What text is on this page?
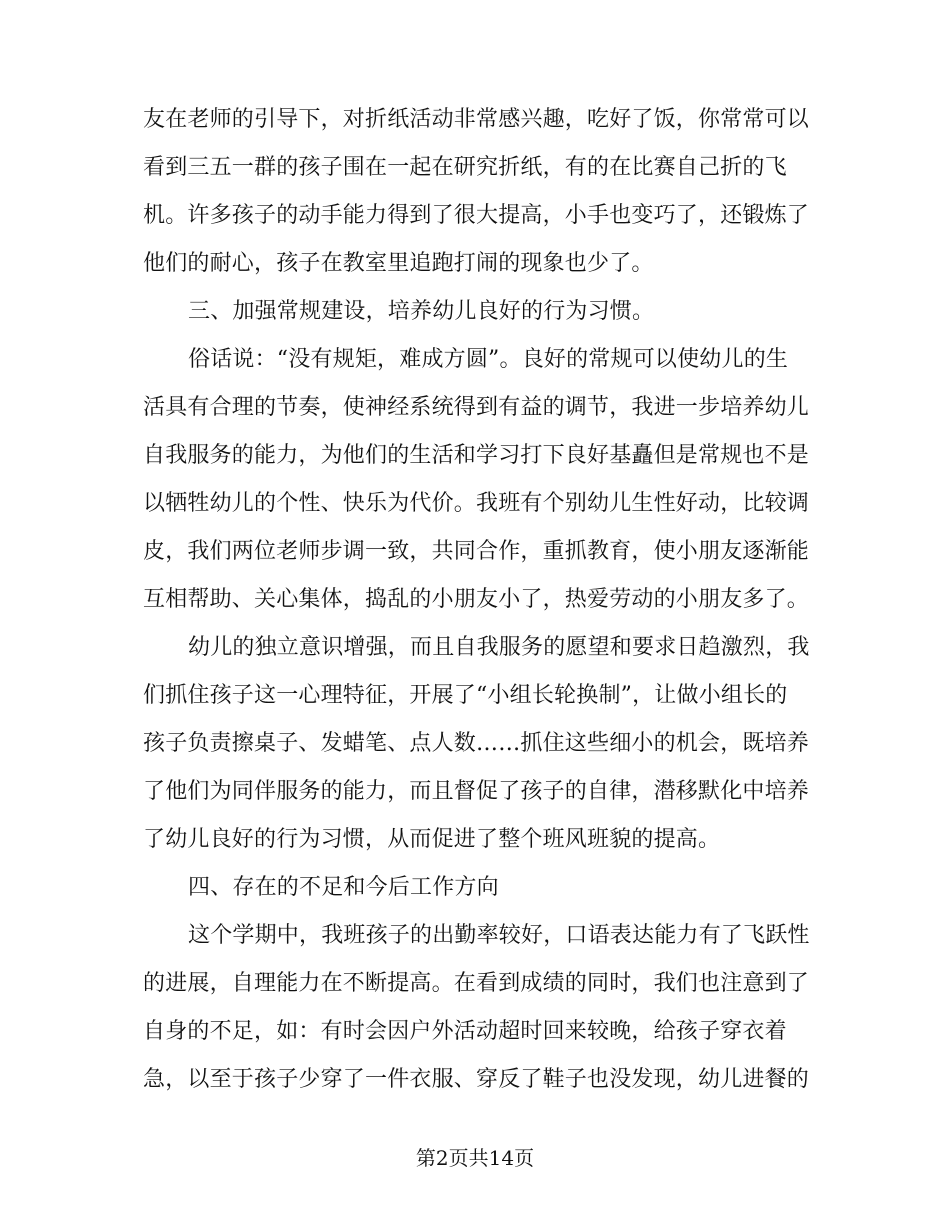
友在老师的引导下，对折纸活动非常感兴趣，吃好了饭，你常常可以
看到三五一群的孩子围在一起在研究折纸，有的在比赛自己折的飞
机。许多孩子的动手能力得到了很大提高，小手也变巧了，还锻炼了
他们的耐心，孩子在教室里追跑打闹的现象也少了。
三、加强常规建设，培养幼儿良好的行为习惯。
俗话说：“没有规矩，难成方圆”。良好的常规可以使幼儿的生
活具有合理的节奏，使神经系统得到有益的调节，我进一步培养幼儿
自我服务的能力，为他们的生活和学习打下良好基矗但是常规也不是
以牺牲幼儿的个性、快乐为代价。我班有个别幼儿生性好动，比较调
皮，我们两位老师步调一致，共同合作，重抓教育，使小朋友逐渐能
互相帮助、关心集体，捣乱的小朋友小了，热爱劳动的小朋友多了。
幼儿的独立意识增强，而且自我服务的愿望和要求日趋激烈，我
们抓住孩子这一心理特征，开展了“小组长轮换制”，让做小组长的
孩子负责擦桌子、发蜡笔、点人数……抓住这些细小的机会，既培养
了他们为同伴服务的能力，而且督促了孩子的自律，潜移默化中培养
了幼儿良好的行为习惯，从而促进了整个班风班貌的提高。
四、存在的不足和今后工作方向
这个学期中，我班孩子的出勤率较好，口语表达能力有了飞跃性
的进展，自理能力在不断提高。在看到成绩的同时，我们也注意到了
自身的不足，如：有时会因户外活动超时回来较晚，给孩子穿衣着
急，以至于孩子少穿了一件衣服、穿反了鞋子也没发现，幼儿进餐的
第2页共14页
